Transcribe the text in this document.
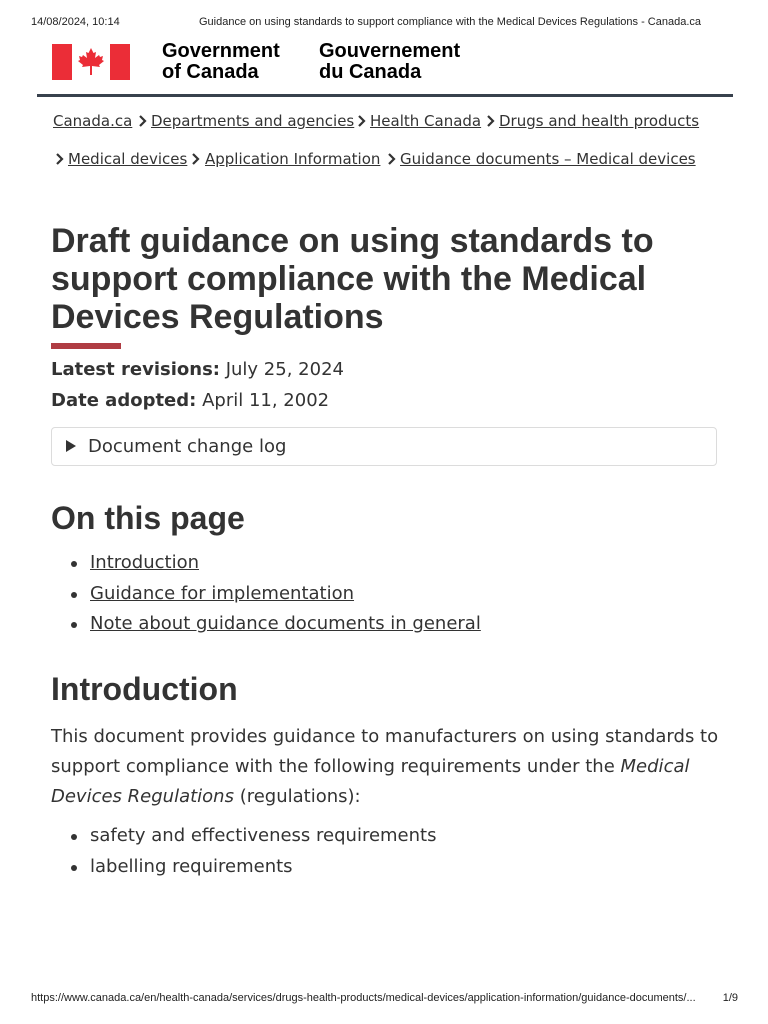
14/08/2024, 10:14	Guidance on using standards to support compliance with the Medical Devices Regulations - Canada.ca
Government
of Canada
Gouvernement
du Canada
Canada.ca Departments and agencies Health Canada Drugs and health products
Medical devices Application Information Guidance documents – Medical devices
Draft guidance on using standards to support compliance with the Medical Devices Regulations
Latest revisions: July 25, 2024
Date adopted: April 11, 2002
Document change log
On this page
Introduction
Guidance for implementation
Note about guidance documents in general
Introduction

This document provides guidance to manufacturers on using standards to support compliance with the following requirements under the Medical Devices Regulations (regulations):

safety and effectiveness requirements
labelling requirements
https://www.canada.ca/en/health-canada/services/drugs-health-products/medical-devices/application-information/guidance-documents/... 1/9
